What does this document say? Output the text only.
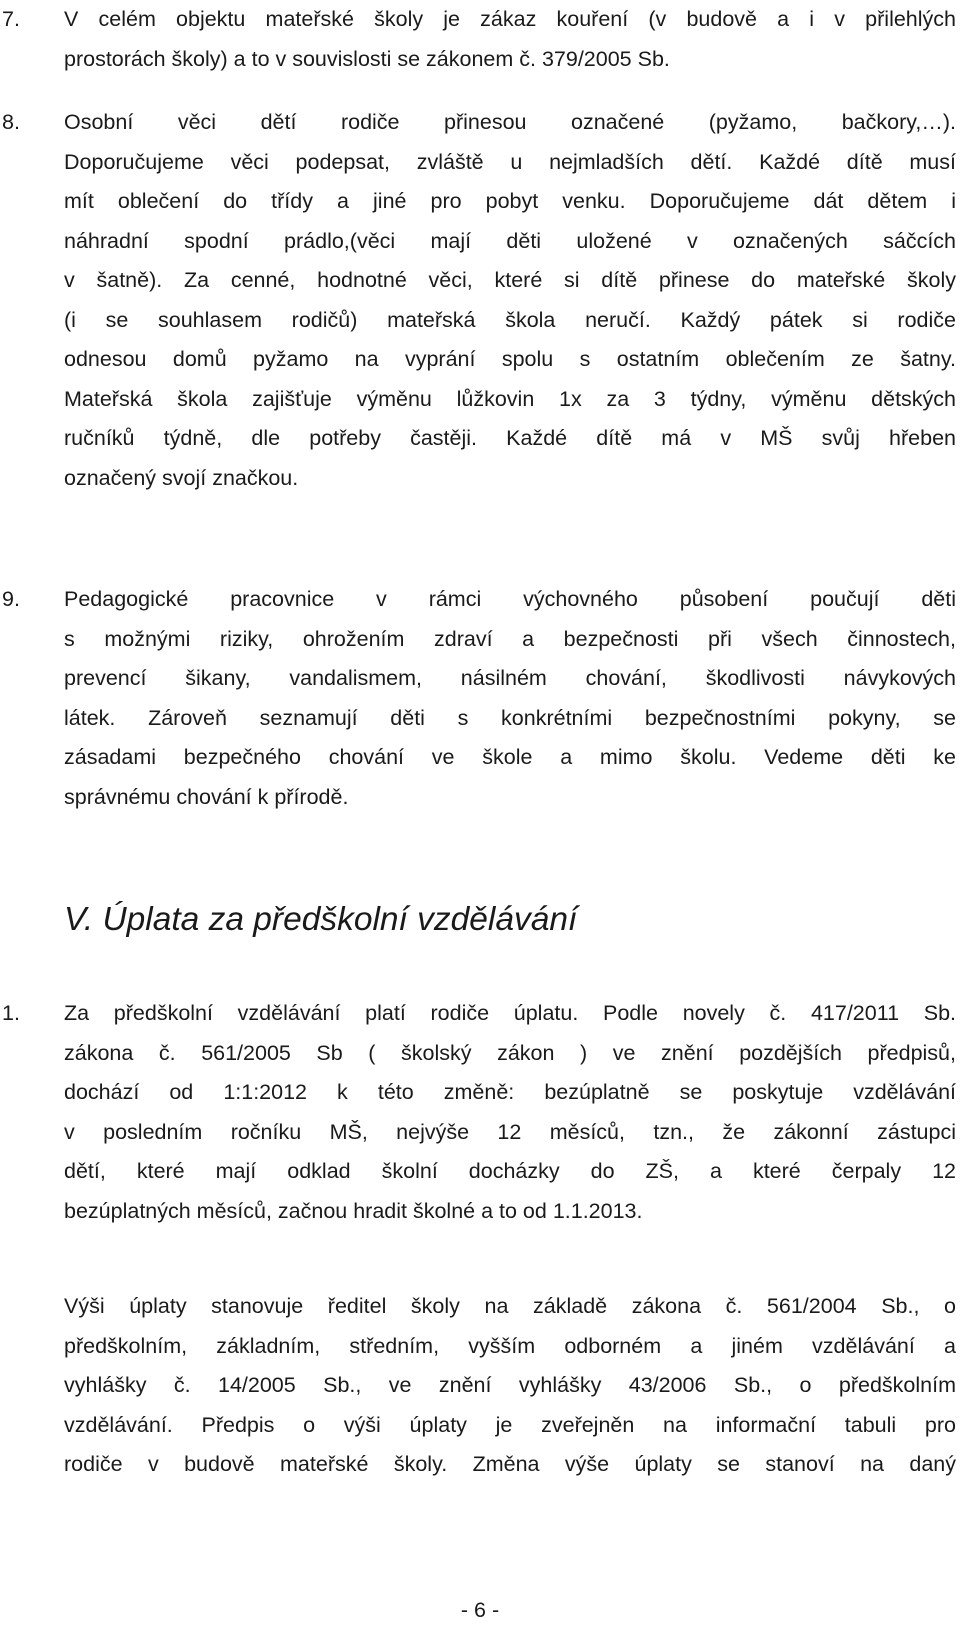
7. V celém objektu mateřské školy je zákaz kouření (v budově a i v přilehlých
prostorách školy) a to v souvislosti se zákonem č. 379/2005 Sb.
8. Osobní věci dětí rodiče přinesou označené (pyžamo, bačkory,…).
Doporučujeme věci podepsat, zvláště u nejmladších dětí. Každé dítě musí
mít oblečení do třídy a jiné pro pobyt venku. Doporučujeme dát dětem i
náhradní spodní prádlo,(věci mají děti uložené v označených sáčcích
v šatně). Za cenné, hodnotné věci, které si dítě přinese do mateřské školy
(i se souhlasem rodičů) mateřská škola neručí. Každý pátek si rodiče
odnesou domů pyžamo na vyprání spolu s ostatním oblečením ze šatny.
Mateřská škola zajišťuje výměnu lůžkovin 1x za 3 týdny, výměnu dětských
ručníků týdně, dle potřeby častěji. Každé dítě má v MŠ svůj hřeben
označený svojí značkou.
9. Pedagogické pracovnice v rámci výchovného působení poučují děti
s možnými riziky, ohrožením zdraví a bezpečnosti při všech činnostech,
prevencí šikany, vandalismem, násilném chování, škodlivosti návykových
látek. Zároveň seznamují děti s konkrétními bezpečnostními pokyny, se
zásadami bezpečného chování ve škole a mimo školu. Vedeme děti ke
správnému chování k přírodě.
V. Úplata za předškolní vzdělávání
1. Za předškolní vzdělávání platí rodiče úplatu. Podle novely č. 417/2011 Sb.
zákona č. 561/2005 Sb ( školský zákon ) ve znění pozdějších předpisů,
dochází od 1:1:2012 k této změně: bezúplatně se poskytuje vzdělávání
v posledním ročníku MŠ, nejvýše 12 měsíců, tzn., že zákonní zástupci
dětí, které mají odklad školní docházky do ZŠ, a které čerpaly 12
bezúplatných měsíců, začnou hradit školné a to od 1.1.2013.
Výši úplaty stanovuje ředitel školy na základě zákona č. 561/2004 Sb., o
předškolním, základním, středním, vyšším odborném a jiném vzdělávání a
vyhlášky č. 14/2005 Sb., ve znění vyhlášky 43/2006 Sb., o předškolním
vzdělávání. Předpis o výši úplaty je zveřejněn na informační tabuli pro
rodiče v budově mateřské školy. Změna výše úplaty se stanoví na daný
- 6 -
